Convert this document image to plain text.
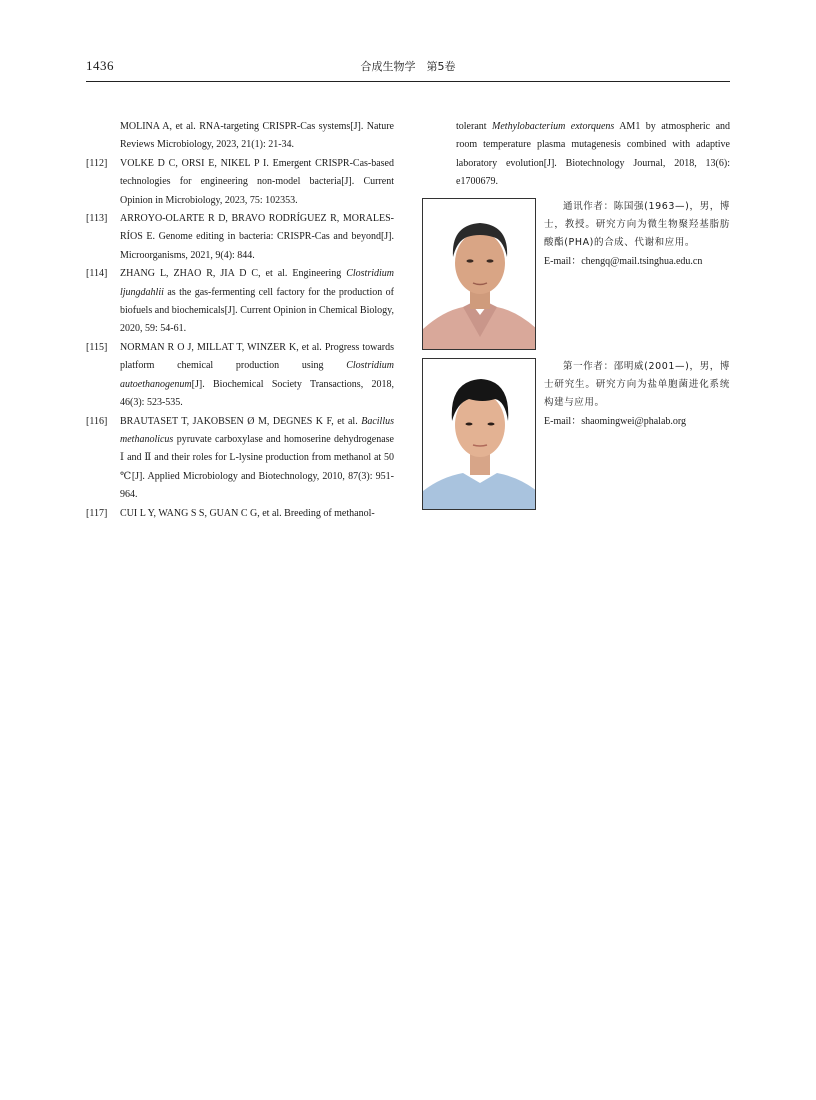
1436	合成生物学　第5卷
MOLINA A, et al. RNA-targeting CRISPR-Cas systems[J]. Nature Reviews Microbiology, 2023, 21(1): 21-34.
[112] VOLKE D C, ORSI E, NIKEL P I. Emergent CRISPR-Cas-based technologies for engineering non-model bacteria[J]. Current Opinion in Microbiology, 2023, 75: 102353.
[113] ARROYO-OLARTE R D, BRAVO RODRÍGUEZ R, MORALES-RÍOS E. Genome editing in bacteria: CRISPR-Cas and beyond[J]. Microorganisms, 2021, 9(4): 844.
[114] ZHANG L, ZHAO R, JIA D C, et al. Engineering Clostridium ljungdahlii as the gas-fermenting cell factory for the production of biofuels and biochemicals[J]. Current Opinion in Chemical Biology, 2020, 59: 54-61.
[115] NORMAN R O J, MILLAT T, WINZER K, et al. Progress towards platform chemical production using Clostridium autoethanogenum[J]. Biochemical Society Transactions, 2018, 46(3): 523-535.
[116] BRAUTASET T, JAKOBSEN Ø M, DEGNES K F, et al. Bacillus methanolicus pyruvate carboxylase and homoserine dehydrogenase Ⅰ and Ⅱ and their roles for L-lysine production from methanol at 50 ℃[J]. Applied Microbiology and Biotechnology, 2010, 87(3): 951-964.
[117] CUI L Y, WANG S S, GUAN C G, et al. Breeding of methanol-
tolerant Methylobacterium extorquens AM1 by atmospheric and room temperature plasma mutagenesis combined with adaptive laboratory evolution[J]. Biotechnology Journal, 2018, 13(6): e1700679.
通讯作者：陈国强(1963—)，男，博士，教授。研究方向为微生物聚羟基脂肪酸酯(PHA)的合成、代谢和应用。
E-mail：chengq@mail.tsinghua.edu.cn
第一作者：邵明威(2001—)，男，博士研究生。研究方向为盐单胞菌进化系统构建与应用。
E-mail：shaomingwei@phalab.org
